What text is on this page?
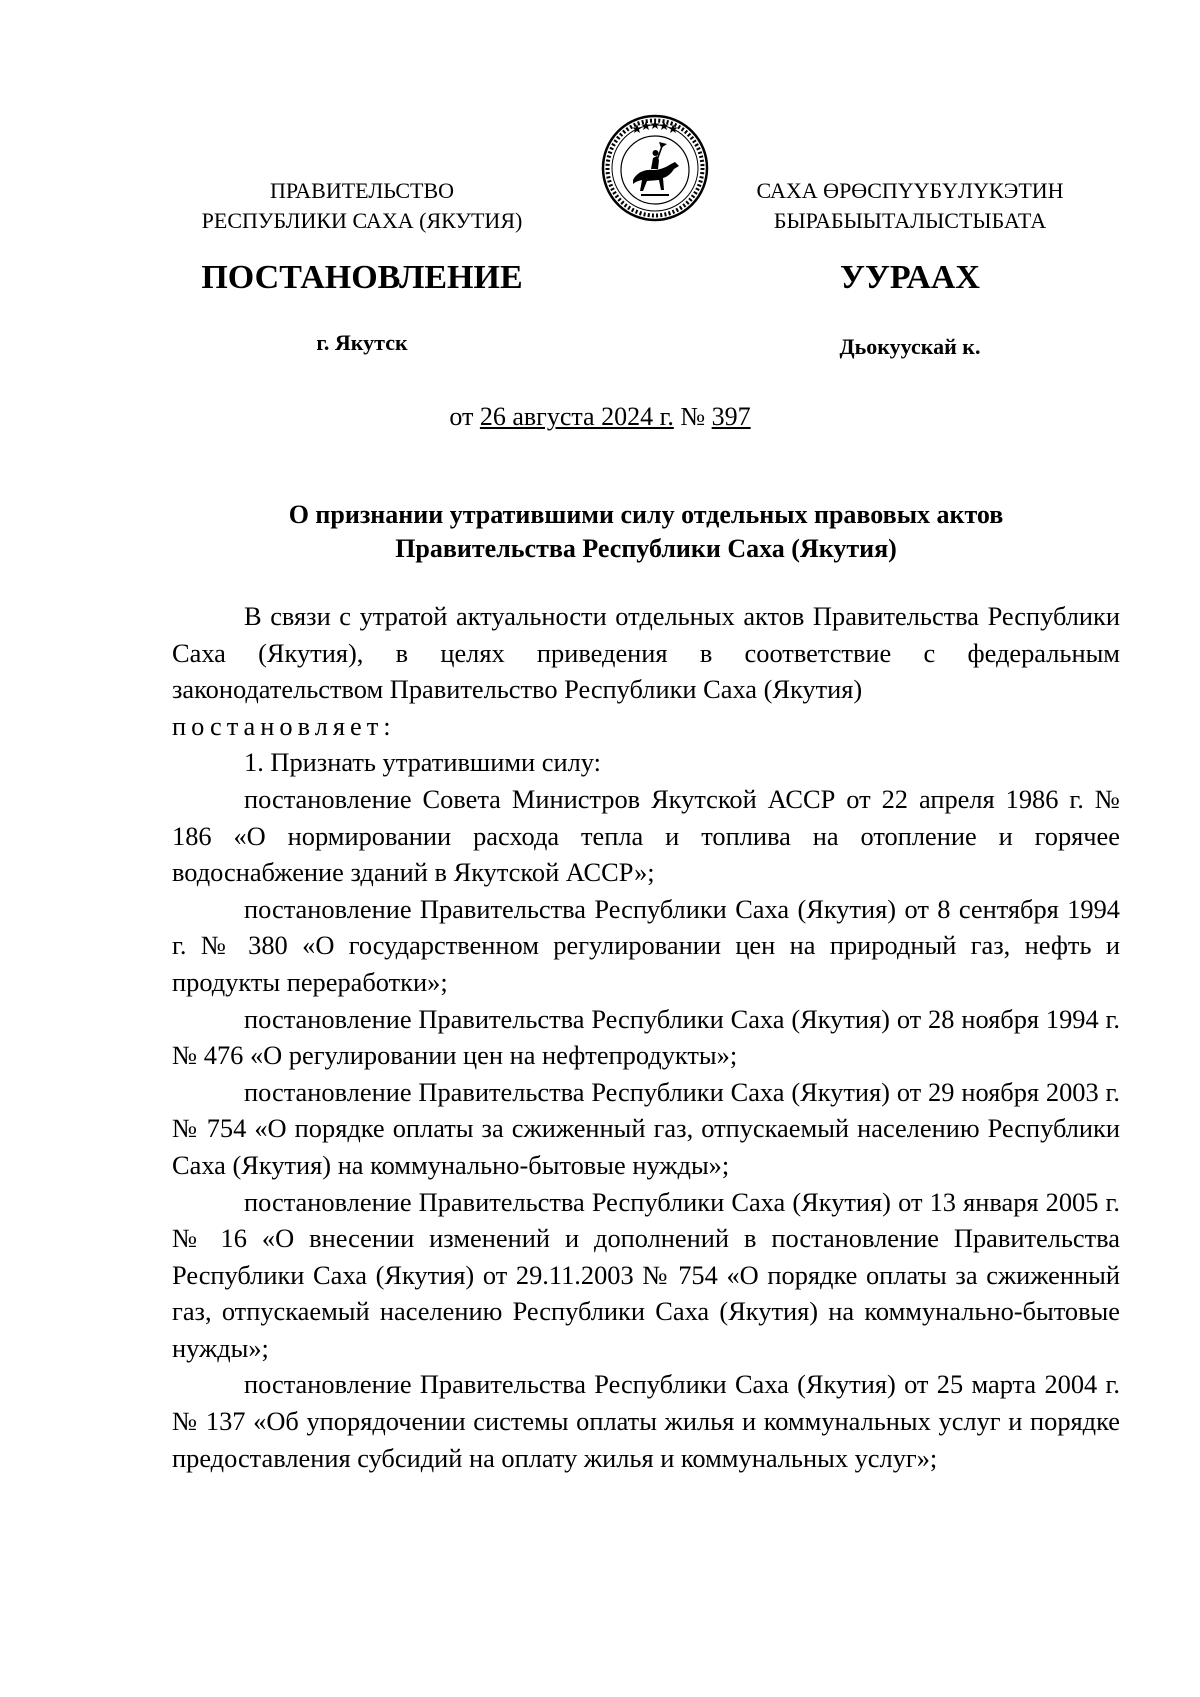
ПРАВИТЕЛЬСТВО
РЕСПУБЛИКИ САХА (ЯКУТИЯ)
САХА ӨРӨСПҮҮБҮЛҮКЭТИН
БЫРАБЫЫТАЛЫСТЫБАТА
ПОСТАНОВЛЕНИЕ	УУРААХ
г. Якутск	Дьокуускай к.
от 26 августа 2024 г. № 397
О признании утратившими силу отдельных правовых актов
Правительства Республики Саха (Якутия)

В связи с утратой актуальности отдельных актов Правительства Республики Саха (Якутия), в целях приведения в соответствие с федеральным законодательством Правительство Республики Саха (Якутия)

постановляет:

1. Признать утратившими силу:

постановление Совета Министров Якутской АССР от 22 апреля 1986 г. № 186 «О нормировании расхода тепла и топлива на отопление и горячее водоснабжение зданий в Якутской АССР»;

постановление Правительства Республики Саха (Якутия) от 8 сентября 1994 г. № 380 «О государственном регулировании цен на природный газ, нефть и продукты переработки»;

постановление Правительства Республики Саха (Якутия) от 28 ноября 1994 г. № 476 «О регулировании цен на нефтепродукты»;

постановление Правительства Республики Саха (Якутия) от 29 ноября 2003 г. № 754 «О порядке оплаты за сжиженный газ, отпускаемый населению Республики Саха (Якутия) на коммунально-бытовые нужды»;

постановление Правительства Республики Саха (Якутия) от 13 января 2005 г. № 16 «О внесении изменений и дополнений в постановление Правительства Республики Саха (Якутия) от 29.11.2003 № 754 «О порядке оплаты за сжиженный газ, отпускаемый населению Республики Саха (Якутия) на коммунально-бытовые нужды»;

постановление Правительства Республики Саха (Якутия) от 25 марта 2004 г. № 137 «Об упорядочении системы оплаты жилья и коммунальных услуг и порядке предоставления субсидий на оплату жилья и коммунальных услуг»;
